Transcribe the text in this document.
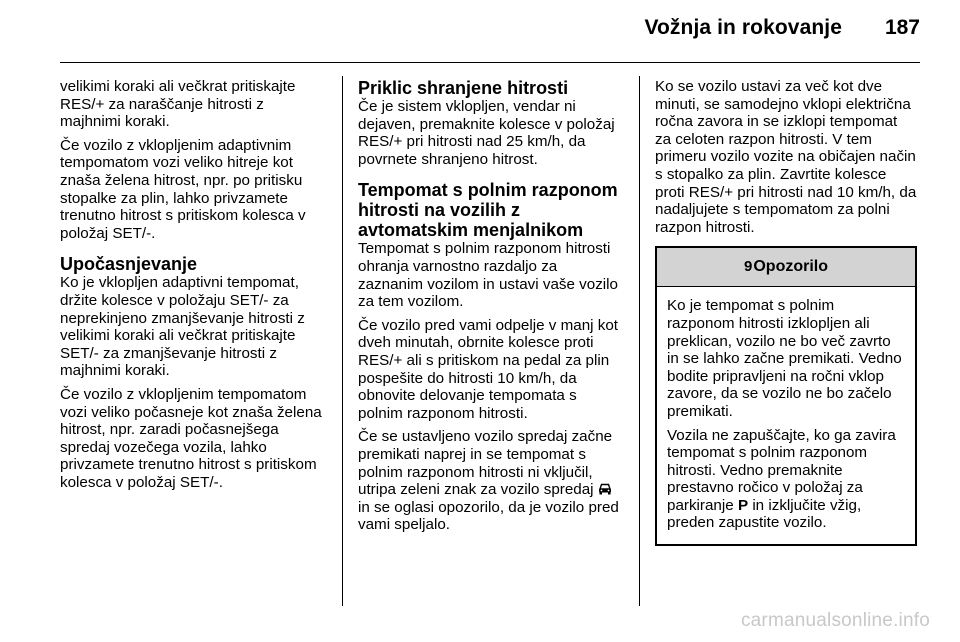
Vožnja in rokovanje	187

velikimi koraki ali večkrat pritiskajte RES/+ za naraščanje hitrosti z majhnimi koraki.

Če vozilo z vklopljenim adaptivnim tempomatom vozi veliko hitreje kot znaša želena hitrost, npr. po pritisku stopalke za plin, lahko privzamete trenutno hitrost s pritiskom kolesca v položaj SET/-.

Upočasnjevanje

Ko je vklopljen adaptivni tempomat, držite kolesce v položaju SET/- za neprekinjeno zmanjševanje hitrosti z velikimi koraki ali večkrat pritiskajte SET/- za zmanjševanje hitrosti z majhnimi koraki.

Če vozilo z vklopljenim tempomatom vozi veliko počasneje kot znaša želena hitrost, npr. zaradi počasnejšega spredaj vozečega vozila, lahko privzamete trenutno hitrost s pritiskom kolesca v položaj SET/-.

Priklic shranjene hitrosti

Če je sistem vklopljen, vendar ni dejaven, premaknite kolesce v položaj RES/+ pri hitrosti nad 25 km/h, da povrnete shranjeno hitrost.

Tempomat s polnim razponom hitrosti na vozilih z avtomatskim menjalnikom

Tempomat s polnim razponom hitrosti ohranja varnostno razdaljo za zaznanim vozilom in ustavi vaše vozilo za tem vozilom.

Če vozilo pred vami odpelje v manj kot dveh minutah, obrnite kolesce proti RES/+ ali s pritiskom na pedal za plin pospešite do hitrosti 10 km/h, da obnovite delovanje tempomata s polnim razponom hitrosti.

Če se ustavljeno vozilo spredaj začne premikati naprej in se tempomat s polnim razponom hitrosti ni vključil, utripa zeleni znak za vozilo spredaj  in se oglasi opozorilo, da je vozilo pred vami speljalo.

Ko se vozilo ustavi za več kot dve minuti, se samodejno vklopi električna ročna zavora in se izklopi tempomat za celoten razpon hitrosti. V tem primeru vozilo vozite na običajen način s stopalko za plin. Zavrtite kolesce proti RES/+ pri hitrosti nad 10 km/h, da nadaljujete s tempomatom za polni razpon hitrosti.

9Opozorilo

Ko je tempomat s polnim razponom hitrosti izklopljen ali preklican, vozilo ne bo več zavrto in se lahko začne premikati. Vedno bodite pripravljeni na ročni vklop zavore, da se vozilo ne bo začelo premikati.

Vozila ne zapuščajte, ko ga zavira tempomat s polnim razponom hitrosti. Vedno premaknite prestavno ročico v položaj za parkiranje P in izključite vžig, preden zapustite vozilo.

carmanualsonline.info
